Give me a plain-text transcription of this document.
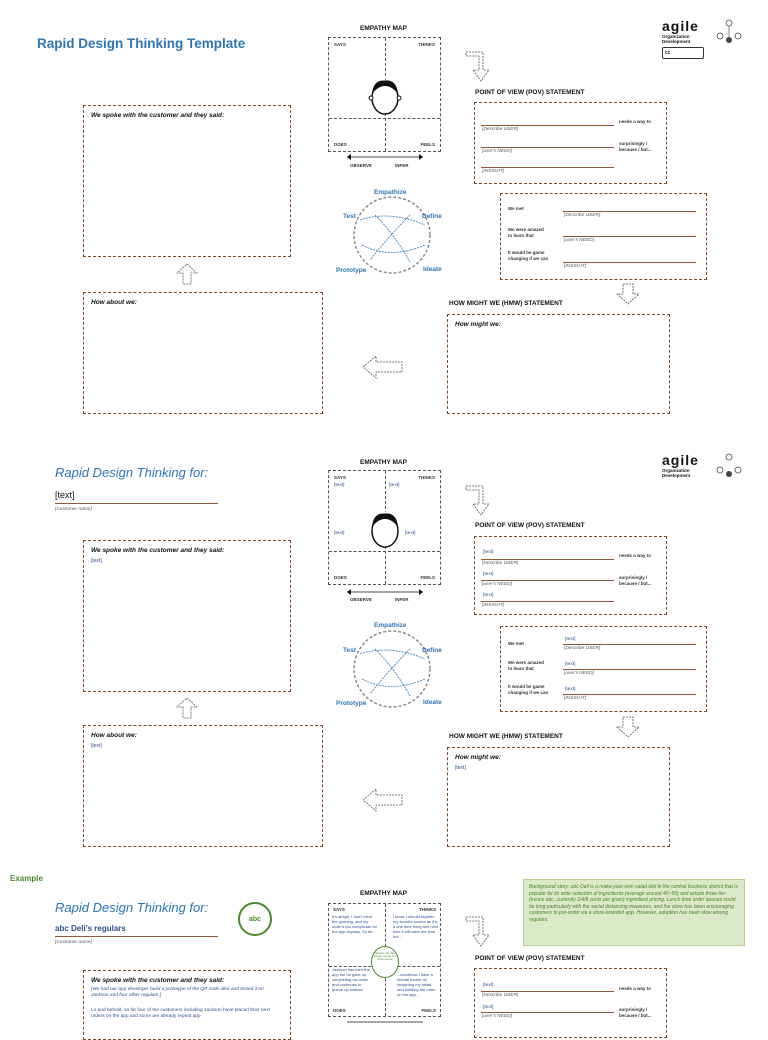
Rapid Design Thinking Template
agile
Organization
Development
cc
EMPATHY MAP
SAYS	THINKS
DOES	FEELS
TARGET
OBSERVE	INFER
We spoke with the customer and they said:
How about we:
Empathize
Test	Define
Prototype	Ideate
POINT OF VIEW (POV) STATEMENT
[Describe USER]
needs a way to
[user's NEED]
surprisingly /
because / but...
[INSIGHT]
We met
[Describe USER]
We were amazed
to learn that
[user's NEED]
It would be game
changing if we can
[INSIGHT]
HOW MIGHT WE (HMW) STATEMENT
How might we:
Rapid Design Thinking for:
[text]
[Customer name]
agile
Organization
Development
EMPATHY MAP
SAYS
[text]
THINKS
[text]
[text]	[text]
DOES	FEELS
TARGET
OBSERVE	INFER
We spoke with the customer and they said:
[text]
How about we:
[text]
Empathize
Test	Define
Prototype	Ideate
POINT OF VIEW (POV) STATEMENT
[text]
[Describe USER]
needs a way to
[text]
[user's NEED]
surprisingly /
because / but...
[text]
[INSIGHT]
We met
[text]
[Describe USER]
We were amazed
to learn that
[text]
[user's NEED]
It would be game
changing if we can
[text]
[INSIGHT]
HOW MIGHT WE (HMW) STATEMENT
How might we:
[text]
Example
Rapid Design Thinking for:
abc Deli’s regulars
[Customer name]
abc
Background story: abc Deli is a make-your-own salad deli in the central business district that is popular for its wide selection of ingredients (average around 40~50) and simple three tier (hence abc, currently 2/4/8 cents per gram) ingredient pricing. Lunch time order queues could be long particularly with the social distancing measures, and the store has been encouraging customers to pre-order via a store-branded app. However, adoption has been slow among regulars.
EMPATHY MAP
SAYS	THINKS
It’s alright, I don’t mind the queuing, and my order’s too complicate for the app anyway. So far
I know I should register my favorite combo as it’s a one time thing and next time it will save me time but...
Jackson has tried the app but he gave up completing his order and continues to queue up instead
...somehow I have a mental barrier on imagining my salad and building the order on the app...
DOES	FEELS
Jackson, late 30s, banker, regular 2-3 times a week
We spoke with the customer and they said:
[We had our app developer build a prototype of the QR code idea and tested it on Jackson and four other regulars.]
Lo and behold, so far four of the customers including Jackson have placed their next orders on the app and some are already repeat app
POINT OF VIEW (POV) STATEMENT
[text]
[Describe USER]
needs a way to
[text]
[user's NEED]
surprisingly /
because / but...
